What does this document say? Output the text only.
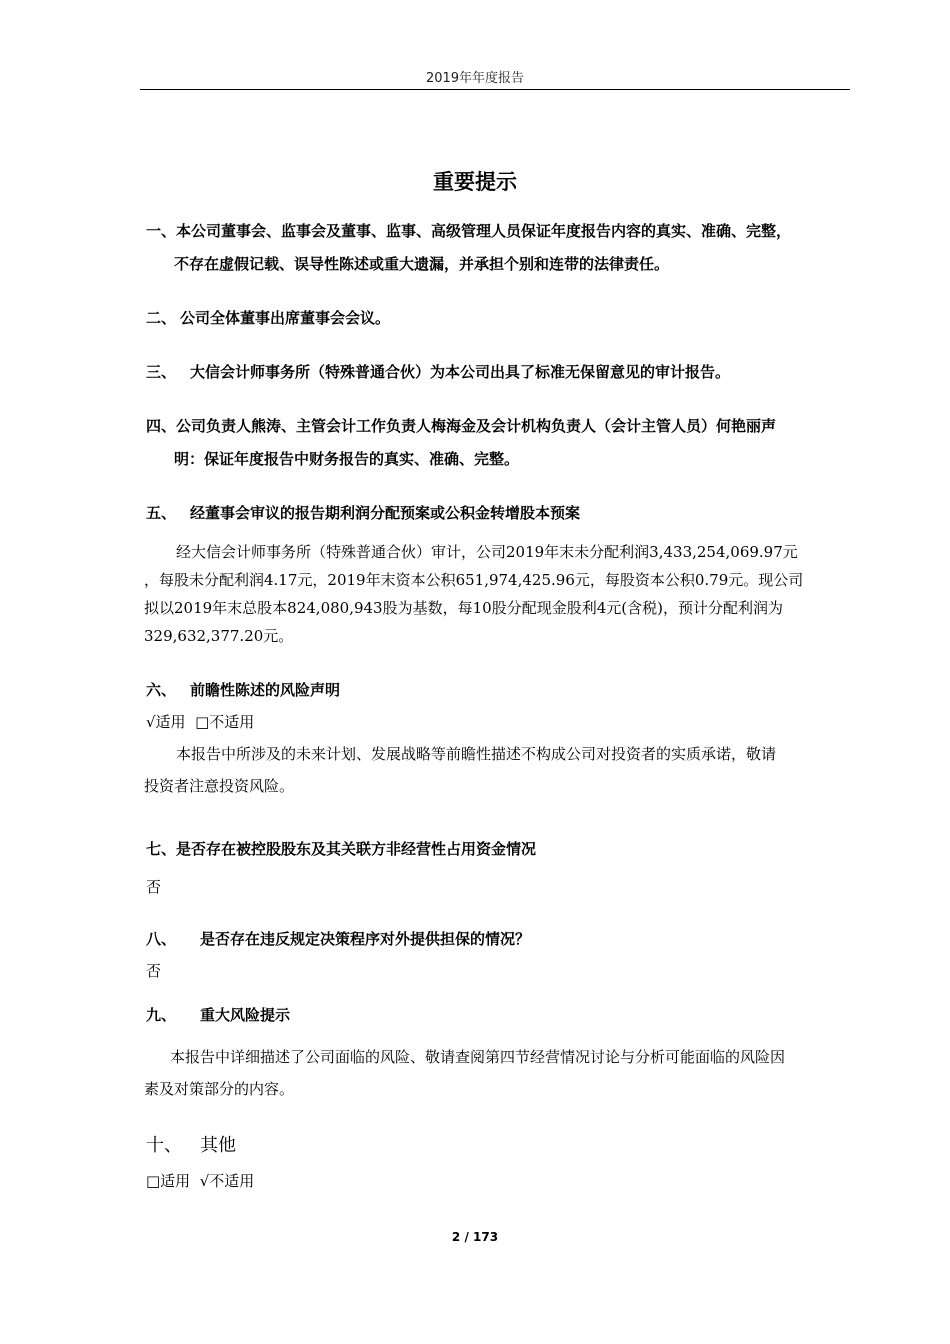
2019年年度报告
重要提示
一、本公司董事会、监事会及董事、监事、高级管理人员保证年度报告内容的真实、准确、完整，
不存在虚假记载、误导性陈述或重大遗漏，并承担个别和连带的法律责任。
二、 公司全体董事出席董事会会议。
三、 大信会计师事务所（特殊普通合伙）为本公司出具了标准无保留意见的审计报告。
四、公司负责人熊涛、主管会计工作负责人梅海金及会计机构负责人（会计主管人员）何艳丽声
明：保证年度报告中财务报告的真实、准确、完整。
五、 经董事会审议的报告期利润分配预案或公积金转增股本预案
经大信会计师事务所（特殊普通合伙）审计，公司2019年末未分配利润3,433,254,069.97元
，每股未分配利润4.17元，2019年末资本公积651,974,425.96元，每股资本公积0.79元。现公司
拟以2019年末总股本824,080,943股为基数，每10股分配现金股利4元(含税)，预计分配利润为
329,632,377.20元。
六、 前瞻性陈述的风险声明
√适用  □不适用
本报告中所涉及的未来计划、发展战略等前瞻性描述不构成公司对投资者的实质承诺，敬请
投资者注意投资风险。
七、是否存在被控股股东及其关联方非经营性占用资金情况
否
八、 是否存在违反规定决策程序对外提供担保的情况？
否
九、 重大风险提示
本报告中详细描述了公司面临的风险、敬请查阅第四节经营情况讨论与分析可能面临的风险因
素及对策部分的内容。
十、 其他
□适用  √不适用
2 / 173
